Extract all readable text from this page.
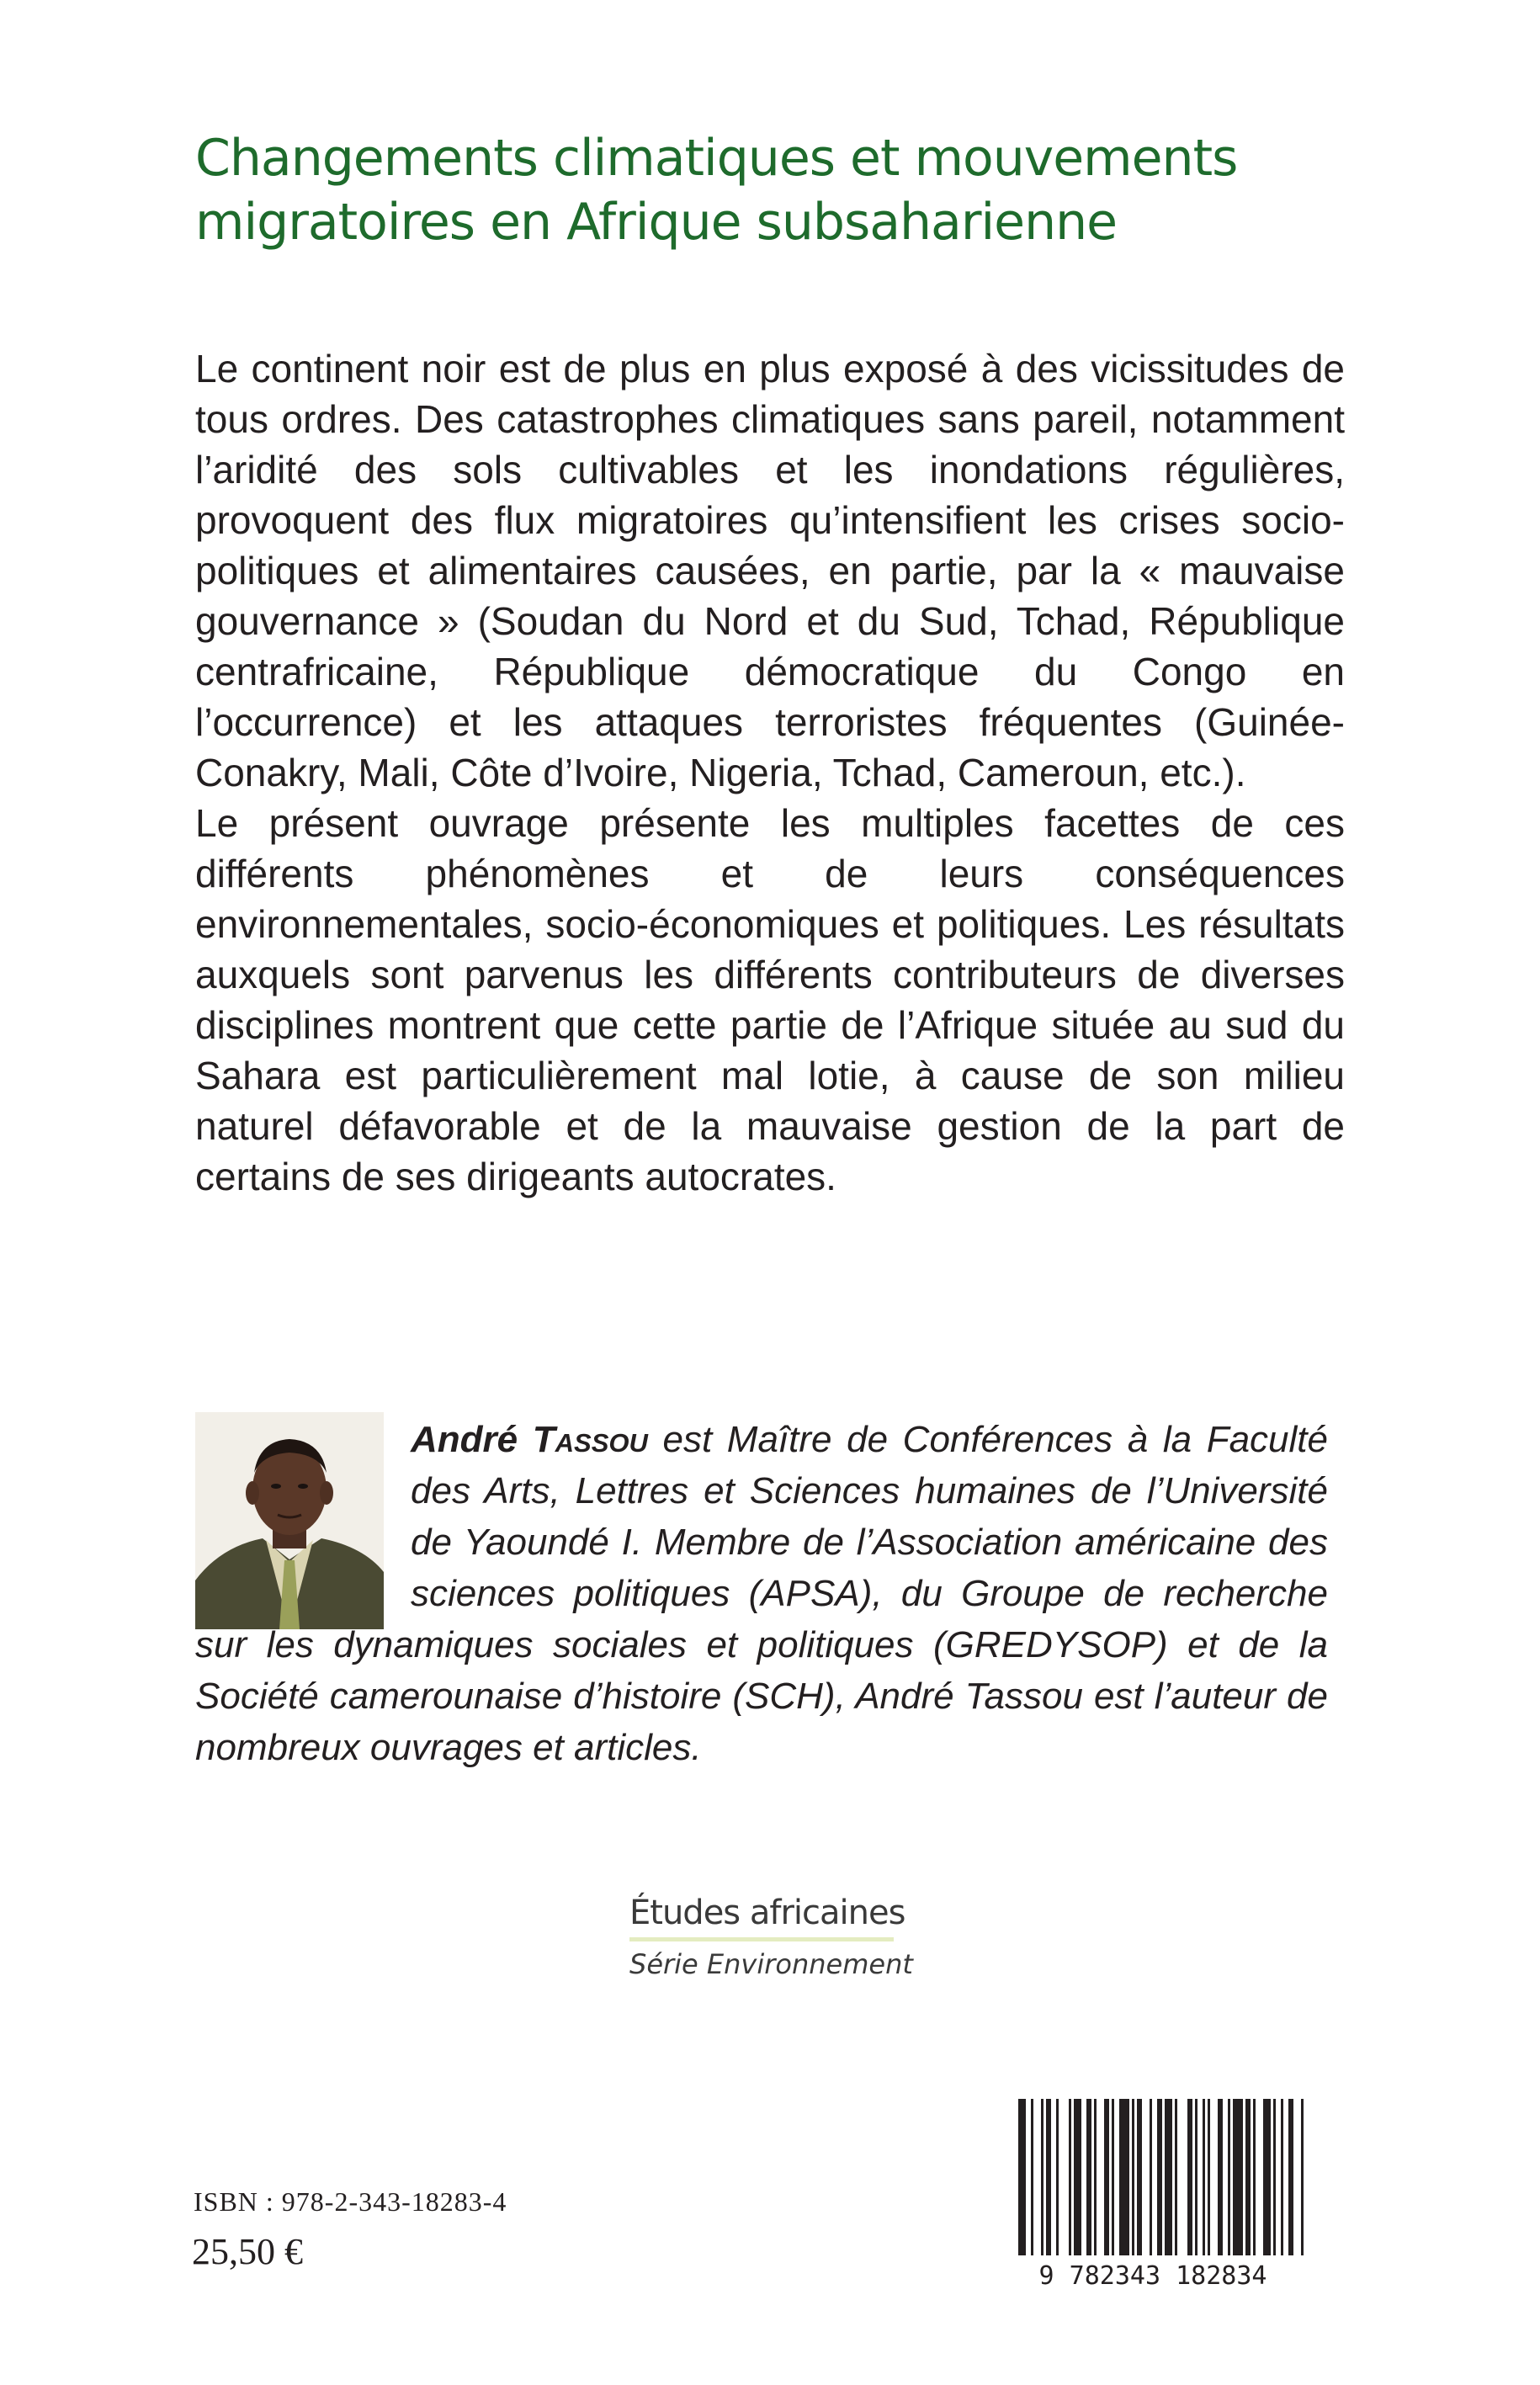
Changements climatiques et mouvements
migratoires en Afrique subsaharienne

Le continent noir est de plus en plus exposé à des vicissitudes de tous ordres. Des catastrophes climatiques sans pareil, notamment l’aridité des sols cultivables et les inondations régulières, provoquent des flux migratoires qu’intensifient les crises socio-politiques et alimentaires causées, en partie, par la « mauvaise gouvernance » (Soudan du Nord et du Sud, Tchad, République centrafricaine, République démocratique du Congo en l’occurrence) et les attaques terroristes fréquentes (Guinée-Conakry, Mali, Côte d’Ivoire, Nigeria, Tchad, Cameroun, etc.).

Le présent ouvrage présente les multiples facettes de ces différents phénomènes et de leurs conséquences environnementales, socio-économiques et politiques. Les résultats auxquels sont parvenus les différents contributeurs de diverses disciplines montrent que cette partie de l’Afrique située au sud du Sahara est particulièrement mal lotie, à cause de son milieu naturel défavorable et de la mauvaise gestion de la part de certains de ses dirigeants autocrates.

André Tassou est Maître de Conférences à la Faculté des Arts, Lettres et Sciences humaines de l’Université de Yaoundé I. Membre de l’Association américaine des sciences politiques (APSA), du Groupe de recherche sur les dynamiques sociales et politiques (GREDYSOP) et de la Société camerounaise d’histoire (SCH), André Tassou est l’auteur de nombreux ouvrages et articles.
Études africaines
Série Environnement
ISBN : 978-2-343-18283-4
25,50 €
9 782343 182834
